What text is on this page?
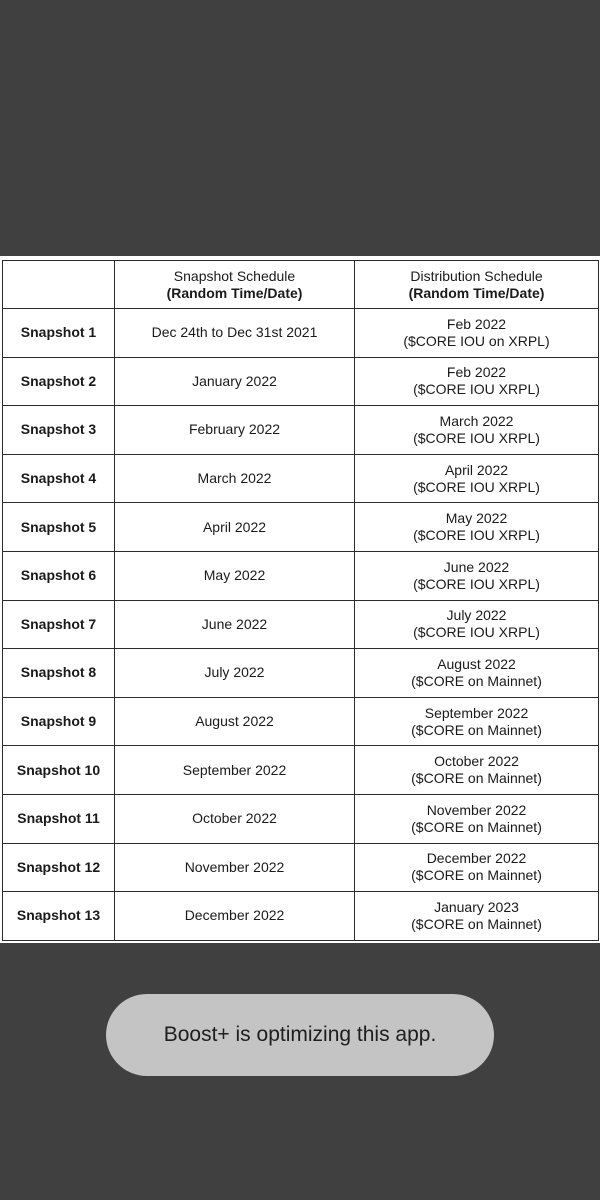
	Snapshot Schedule
(Random Time/Date)	Distribution Schedule
(Random Time/Date)

Snapshot 1	Dec 24th to Dec 31st 2021	Feb 2022
($CORE IOU on XRPL)

Snapshot 2	January 2022	Feb 2022
($CORE IOU XRPL)

Snapshot 3	February 2022	March 2022
($CORE IOU XRPL)

Snapshot 4	March 2022	April 2022
($CORE IOU XRPL)

Snapshot 5	April 2022	May 2022
($CORE IOU XRPL)

Snapshot 6	May 2022	June 2022
($CORE IOU XRPL)

Snapshot 7	June 2022	July 2022
($CORE IOU XRPL)

Snapshot 8	July 2022	August 2022
($CORE on Mainnet)

Snapshot 9	August 2022	September 2022
($CORE on Mainnet)

Snapshot 10	September 2022	October 2022
($CORE on Mainnet)

Snapshot 11	October 2022	November 2022
($CORE on Mainnet)

Snapshot 12	November 2022	December 2022
($CORE on Mainnet)

Snapshot 13	December 2022	January 2023
($CORE on Mainnet)
Boost+ is optimizing this app.
